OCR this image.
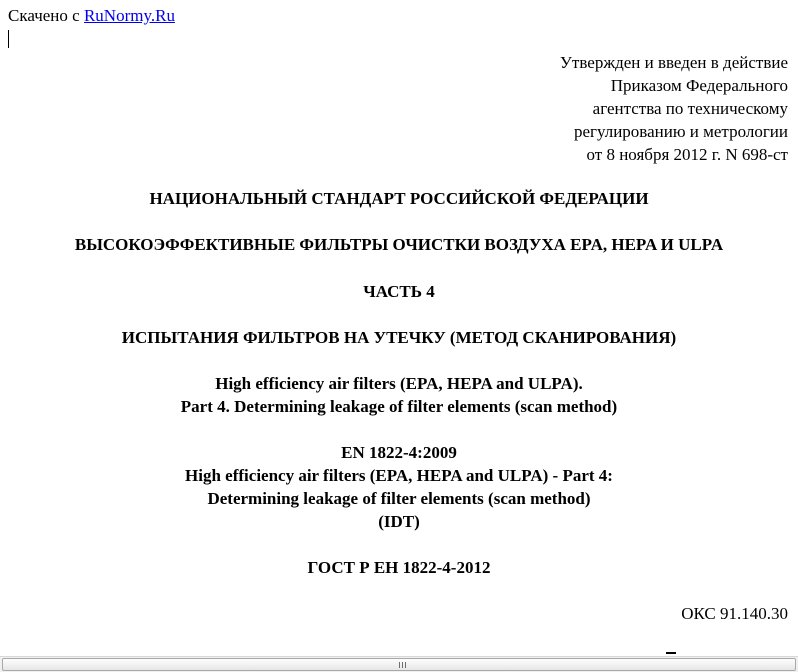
Скачено с RuNormy.Ru
Утвержден и введен в действие
Приказом Федерального
агентства по техническому
регулированию и метрологии
от 8 ноября 2012 г. N 698-ст
НАЦИОНАЛЬНЫЙ СТАНДАРТ РОССИЙСКОЙ ФЕДЕРАЦИИ
ВЫСОКОЭФФЕКТИВНЫЕ ФИЛЬТРЫ ОЧИСТКИ ВОЗДУХА EPA, HEPA И ULPA
ЧАСТЬ 4
ИСПЫТАНИЯ ФИЛЬТРОВ НА УТЕЧКУ (МЕТОД СКАНИРОВАНИЯ)
High efficiency air filters (EPA, HEPA and ULPA).
Part 4. Determining leakage of filter elements (scan method)
EN 1822-4:2009
High efficiency air filters (EPA, HEPA and ULPA) - Part 4:
Determining leakage of filter elements (scan method)
(IDT)
ГОСТ Р ЕН 1822-4-2012
ОКС 91.140.30
